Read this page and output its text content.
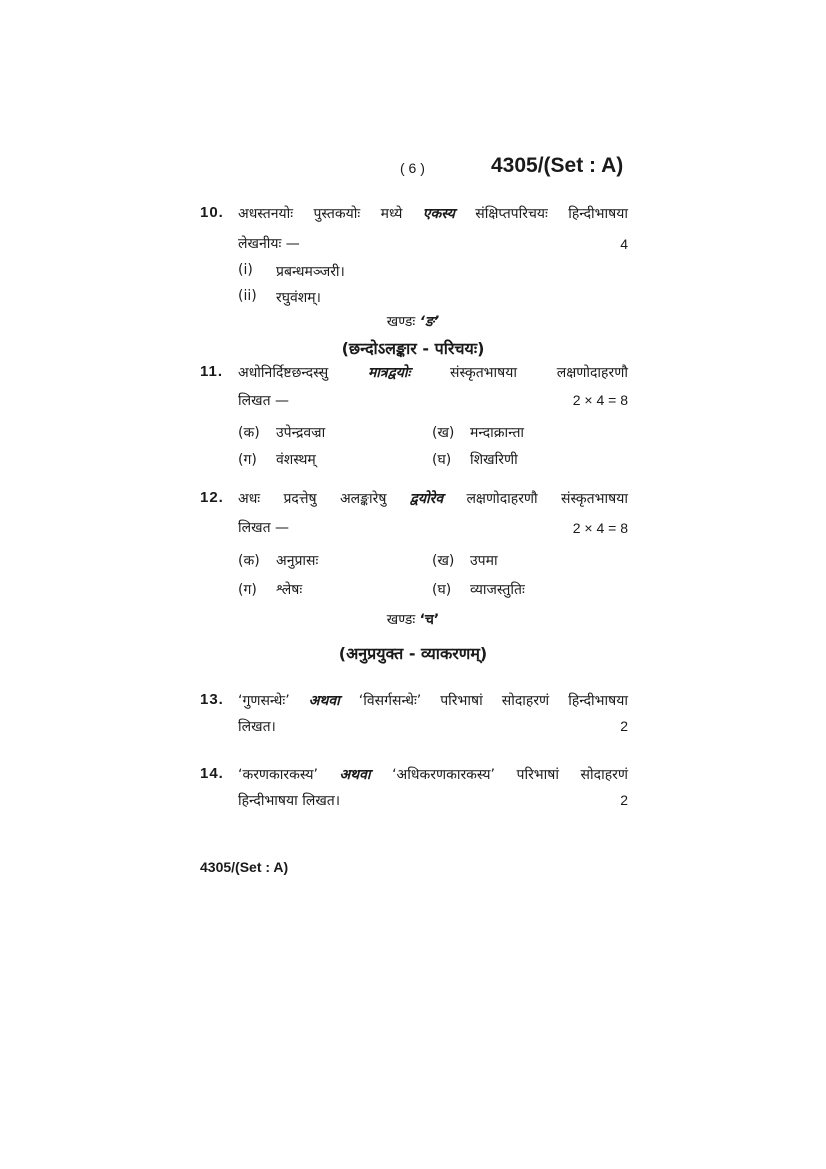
( 6 )	4305/(Set : A)
10. अधस्तनयोः पुस्तकयोः मध्ये एकस्य संक्षिप्तपरिचयः हिन्दीभाषया
लेखनीयः —	4
(i) प्रबन्धमञ्जरी।
(ii) रघुवंशम्।
खण्डः ‘ङ’
(छन्दोऽलङ्कार - परिचयः)
11. अधोनिर्दिष्टछन्दस्सु	मात्रद्वयोः	संस्कृतभाषया	लक्षणोदाहरणौ
लिखत —	2 × 4 = 8
(क) उपेन्द्रवज्रा	(ख) मन्दाक्रान्ता
(ग) वंशस्थम्	(घ) शिखरिणी
12. अधः प्रदत्तेषु अलङ्कारेषु द्वयोरेव लक्षणोदाहरणौ संस्कृतभाषया
लिखत —	2 × 4 = 8
(क) अनुप्रासः	(ख) उपमा
(ग) श्लेषः	(घ) व्याजस्तुतिः
खण्डः ‘च’
(अनुप्रयुक्त - व्याकरणम्)
13. ‘गुणसन्धेः’ अथवा ‘विसर्गसन्धेः’ परिभाषां सोदाहरणं हिन्दीभाषया
लिखत।	2
14. ‘करणकारकस्य’ अथवा ‘अधिकरणकारकस्य’ परिभाषां सोदाहरणं
हिन्दीभाषया लिखत।	2
4305/(Set : A)
